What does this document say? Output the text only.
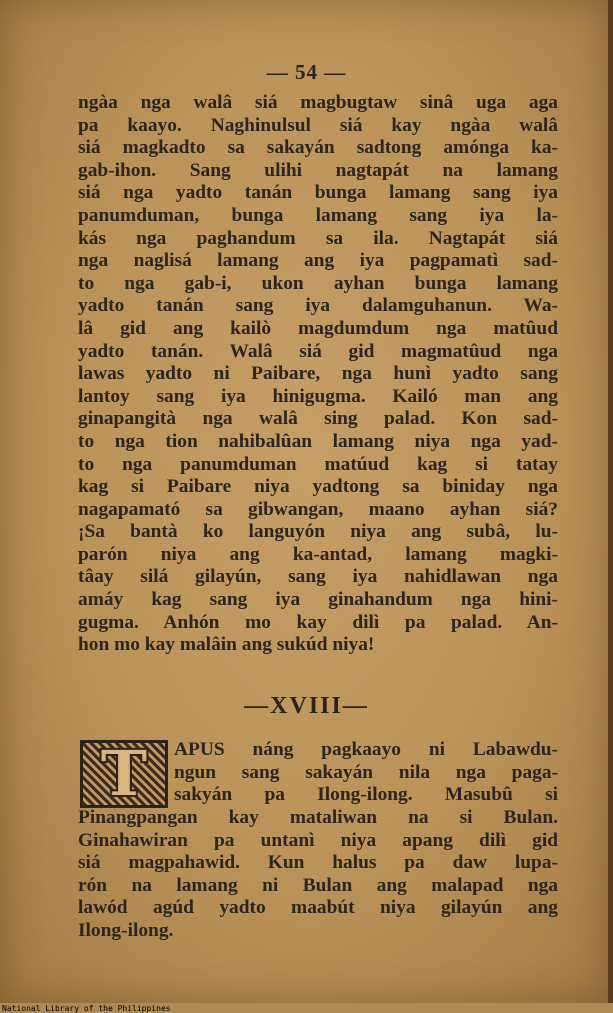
— 54 —
ngàa nga walâ siá magbugtaw sinâ uga aga
pa kaayo. Naghinulsul siá kay ngàa walâ
siá magkadto sa sakayán sadtong amónga ka-
gab-ihon. Sang ulihi nagtapát na lamang
siá nga yadto tanán bunga lamang sang iya
panumduman, bunga lamang sang iya la-
kás nga paghandum sa ila. Nagtapát siá
nga naglisá lamang ang iya pagpamatì sad-
to nga gab-i, ukon ayhan bunga lamang
yadto tanán sang iya dalamguhanun. Wa-
lâ gid ang kailò magdumdum nga matûud
yadto tanán. Walâ siá gid magmatûud nga
lawas yadto ni Paibare, nga hunì yadto sang
lantoy sang iya hinigugma. Kailó man ang
ginapangità nga walâ sing palad. Kon sad-
to nga tion nahibalûan lamang niya nga yad-
to nga panumduman matúud kag si tatay
kag si Paibare niya yadtong sa biniday nga
nagapamató sa gibwangan, maano ayhan siá?
¡Sa bantà ko languyón niya ang subâ, lu-
parón niya ang ka-antad, lamang magki-
tâay silá gilayún, sang iya nahidlawan nga
amáy kag sang iya ginahandum nga hini-
gugma. Anhón mo kay dilì pa palad. An-
hon mo kay malâin ang sukúd niya!
—XVIII—
T APUS náng pagkaayo ni Labawdu-
ngun sang sakayán nila nga paga-
sakyán pa Ilong-ilong. Masubû si
Pinangpangan kay mataliwan na si Bulan.
Ginahawiran pa untanì niya apang dilì gid
siá magpahawid. Kun halus pa daw lupa-
rón na lamang ni Bulan ang malapad nga
lawód agúd yadto maabút niya gilayún ang
Ilong-ilong.
National Library of the Philippines
